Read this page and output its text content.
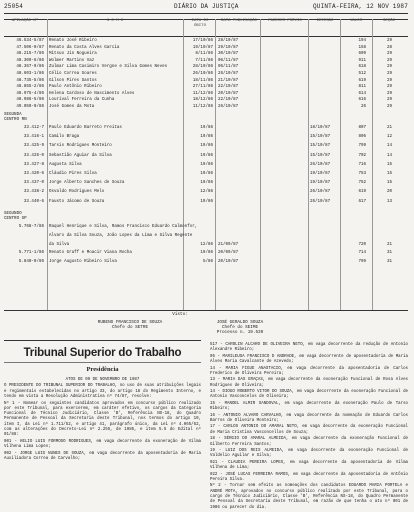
25054	DIÁRIO DA JUSTIÇA	QUINTA-FEIRA, 12 NOV 1987
APELAÇÃO Nº	N O M E	DATA DO ÓBITO
DATA PUBLICAÇÃO	PARECER PRÉVIO	DECISÃO	VALOR	SEÇÃO
46.534-5/87 Renato José Ribeiro	17/10/86 28/10/87	194	29
47.506-0/87 Renato da Costa Alves Garcia	19/10/87 29/10/87	158	28
48.215-7/86 Mitsuo Jin Nogueira	8/11/86 30/10/87	609	29
48.309-6/86 Wolmer Martins Vaz	7/11/86 06/11/87	911	29
48.367-9/86 Zulmar Lima Casimiro Vergne e Silva Gomes Neves	28/10/86 06/11/87	618	29
48.603-1/86 Célio Correa Soares	26/10/86 26/10/87	512	29
48.735-5/86 Gilson Pires Santos	18/11/86 21/10/87	619	29
48.855-2/86 Paulo Antônio Ribeiro	27/11/86 22/10/87	811	29
48.975-4/86 Helena Cardoso de Nascimento Alves	11/12/86 20/10/87	614	29
48.986-5/86 Lourival Ferreira da Cunha	18/12/86 22/10/87	616	29
49.050-0/86 José Gomes da Mota	11/12/86 26/10/87	26	29
SEGUNDA
CENTRO RN
33.412-7 Paulo Eduardo Barreto Freitas	19/86	18/10/87	807	21
33.416-1 Camilo Braga	19/86	15/10/87	806	12
33.425-9 Tarsis Rodrigues Monteiro	19/86	15/10/87	799	14
33.426-0 Sebastião Aguiar da Silva	19/86	15/10/87	702	14
33.427-8 Augusta Silva	19/86	26/10/87	716	15
33.420-6 Cláudio Pires Silva	19/86	19/10/87	753	15
33.437-0 Jorge Alberto Sanches de Souza	19/86	19/10/87	752	15
33.438-2 Osvaldo Rodrigues Melo	12/86	26/10/87	619	20
33.440-6 Fausto Jácomo de Souza	19/86	26/10/87	617	13
SEGUNDO
CENTRO SP
5.768-7/86 Raquel Henrique e Silva, Ramos Francisco Eduardo Calmonfor,
Alvaro da Silva Souza, João Lopes da Lima e Silva Regente
da Silva	12/86 21/09/87	720	21
5.771-1/86 Renato Graff e Moacir Viana Rocha	19/86 20/09/87	714	31
5.840-0/86 Jorge Augusto Ribeiro Silva	5/86 20/10/87	799	31
Visto:
RUBENS FRANCISCO DE SOUZA
Chefe do SETRE
JOSÉ GERALDO SOUZA
Chefe do SEIME
Processo n. 19.539
Tribunal Superior do Trabalho
Presidência

ATOS DE 09 DE NOVEMBRO DE 1987

O PRESIDENTE DO TRIBUNAL SUPERIOR DO TRABALHO, no uso de suas atribuições legais e regimentais estabelecidas no artigo 33, do artigo 18 do Regimento Interno, e tendo em vista a Resolução Administrativa nº 74/87, resolve:

Nº 1 - Nomear os seguintes candidatos aprovados em concurso público realizado por este Tribunal, para exercerem, em caráter efetivo, os cargos da Categoria Funcional de Técnico Judiciário, Classe 'B', Referência NS-18, do Quadro Permanente de Pessoal da Secretaria deste Tribunal, nos termos do artigo 10, item I, da Lei nº 1.711/52, e artigo 41, parágrafo único, da Lei nº 4.065/62, com as alterações do Decreto-Lei nº 2.255, de 1985, e item 5.5 do Edital nº 01/86:

001 - HELIO LUIS FORMOSO RODRIGUES, em vaga decorrente da exoneração de Vilma Vilhena Lima Lopes;

002 - JORGE LUIS NUNES DE SOUZA, em vaga decorrente da aposentadoria de Maria Auxiliadora Correa de Carvalho;

517 - CAROLIN ALCARO DE OLIVEIRA NETO, em vaga decorrente da redução de Antonio Alexandre Ribeiro;

05 - MARILEUSA FRANCISCO D ANDRADE, em vaga decorrente de aposentadoria de Maria Alves Maria Cavalcante de Azevedo;

14 - MARIA FIGUE ANASTACIO, em vaga decorrente da aposentadoria de Carlos Frederico de Oliveira Pereira;

13 - MARIA DAS GRAÇAS, em vaga decorrente da exoneração Funcional de Rosa Alves Rodrigues de Oliveira;

14 - DIOGO ROBERTO VITOR DO SOUZA, em vaga decorrente da exoneração Funcional de Antonio Vasconcelos de Oliveira;

15 - MANOEL ALMIR SANDOVAL, em vaga decorrente da exoneração Paulo de Tarso Ribeiro;

16 - ANTONIO ALVARO CARVALHO, em vaga decorrente da nomeação de Eduardo Carlos Barros de Oliveira Monteiro;

17 - CARLOS ANTONIO DO AMARAL NETO, em vaga decorrente da exoneração Funcional de Maria Cristina Vasconcellos de Souza;

18 - SÉRGIO DO AMARAL ALMEIDA, em vaga decorrente da exoneração Funcional de Gilberto Ferreira Santos;

19 - LUIZ DOS REIS ALMEIDA, em vaga decorrente da exoneração Funcional de Valdelio Aguilar e Silva;

021 - CLAUDIA PEREIRA LOPES, em vaga decorrente da aposentadoria de Vilma Vilhena de Lima;

022 - JOSÉ LUCAS FERREIRA RAMOS, em vaga decorrente da aposentadoria de Antônio Pereira Silva.

Nº 2 - Tornar sem efeito as nomeações dos candidatos EDUARDO MARIA PORTELA e ANDRÉ MOTA, aprovados no concurso público realizado por este Tribunal, para o cargo de Técnico Judiciário, Classe 'B', Referência NS-18, do Quadro Permanente de Pessoal da Secretaria deste Tribunal, em razão de que tenha o ato nº 001 de 1986 ou parecer do dia.
